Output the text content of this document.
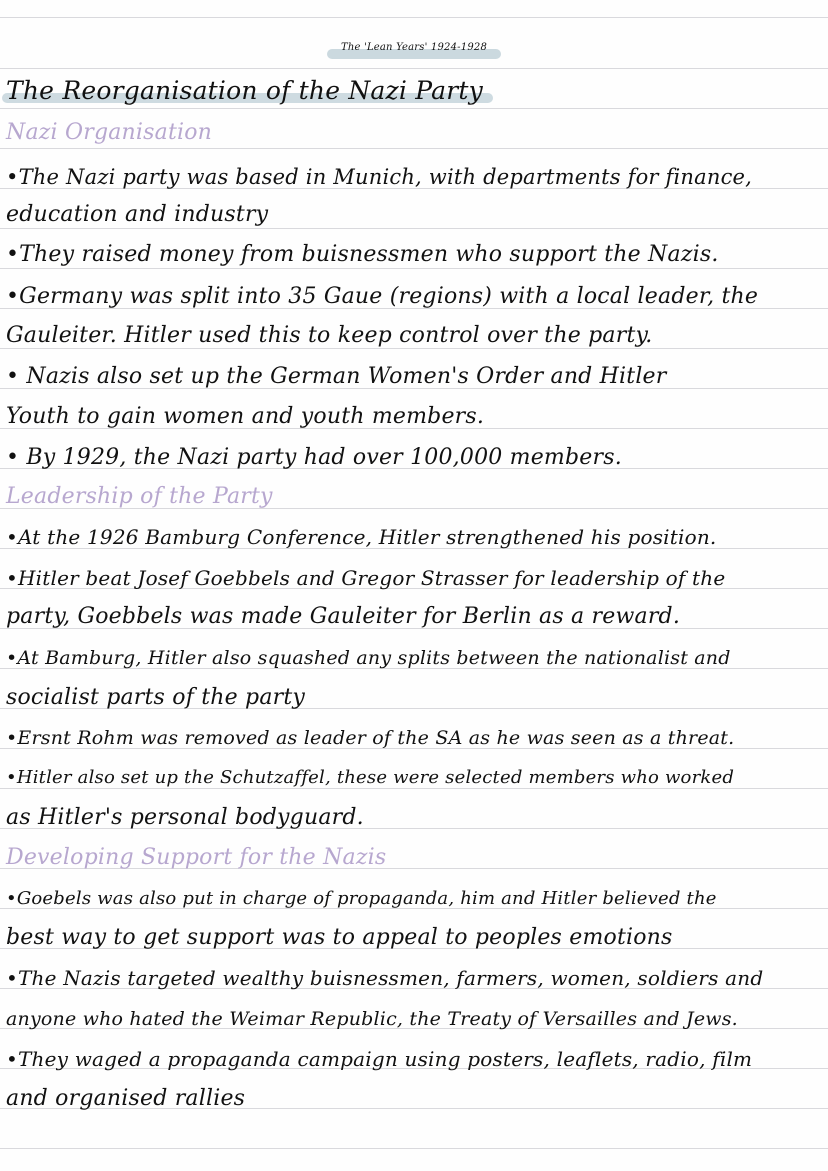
The 'Lean Years' 1924-1928
The Reorganisation of the Nazi Party
Nazi Organisation
•The Nazi party was based in Munich, with departments for finance,
education and industry
•They raised money from buisnessmen who support the Nazis.
•Germany was split into 35 Gaue (regions) with a local leader, the
Gauleiter. Hitler used this to keep control over the party.
• Nazis also set up the German Women's Order and Hitler
Youth to gain women and youth members.
• By 1929, the Nazi party had over 100,000 members.
Leadership of the Party
•At the 1926 Bamburg Conference, Hitler strengthened his position.
•Hitler beat Josef Goebbels and Gregor Strasser for leadership of the
party, Goebbels was made Gauleiter for Berlin as a reward.
•At Bamburg, Hitler also squashed any splits between the nationalist and
socialist parts of the party
•Ersnt Rohm was removed as leader of the SA as he was seen as a threat.
•Hitler also set up the Schutzaffel, these were selected members who worked
as Hitler's personal bodyguard.
Developing Support for the Nazis
•Goebels was also put in charge of propaganda, him and Hitler believed the
best way to get support was to appeal to peoples emotions
•The Nazis targeted wealthy buisnessmen, farmers, women, soldiers and
anyone who hated the Weimar Republic, the Treaty of Versailles and Jews.
•They waged a propaganda campaign using posters, leaflets, radio, film
and organised rallies
